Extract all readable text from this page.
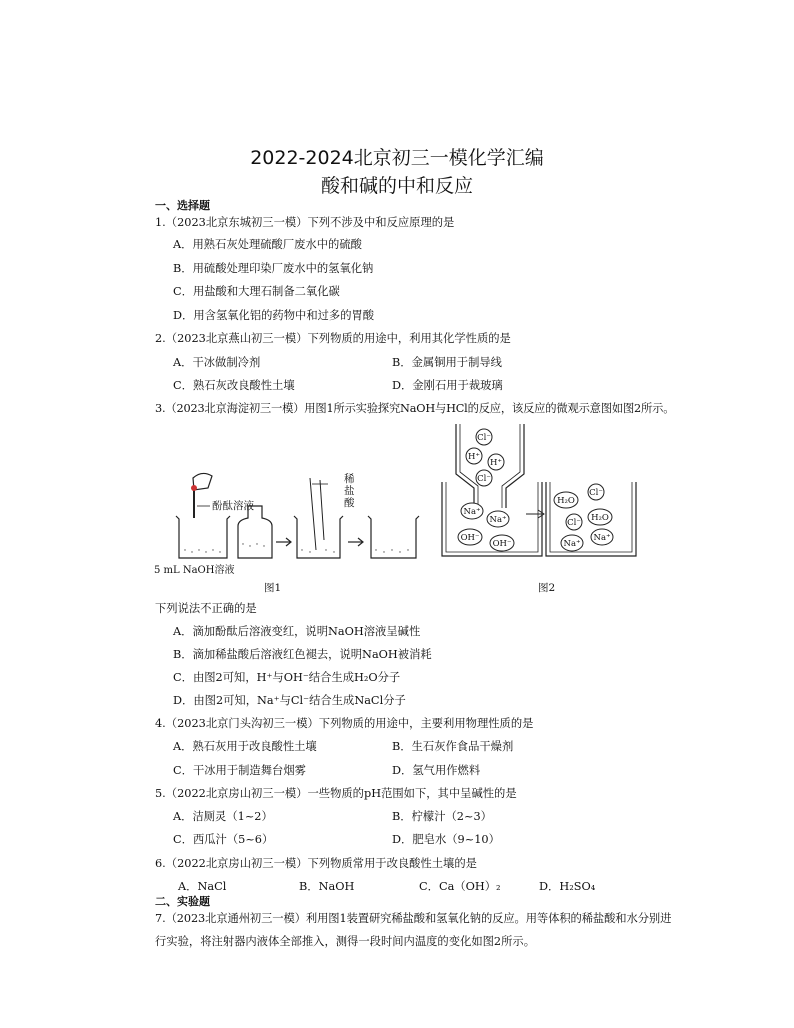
2022-2024北京初三一模化学汇编
酸和碱的中和反应
一、选择题
1.（2023北京东城初三一模）下列不涉及中和反应原理的是
A．用熟石灰处理硫酸厂废水中的硫酸
B．用硫酸处理印染厂废水中的氢氧化钠
C．用盐酸和大理石制备二氧化碳
D．用含氢氧化铝的药物中和过多的胃酸
2.（2023北京燕山初三一模）下列物质的用途中，利用其化学性质的是
A．干冰做制冷剂	B．金属铜用于制导线
C．熟石灰改良酸性土壤	D．金刚石用于裁玻璃
3.（2023北京海淀初三一模）用图1所示实验探究NaOH与HCl的反应，该反应的微观示意图如图2所示。
· 酚酞溶液
稀
盐
酸
5 mL NaOH溶液
图1
Cl⁻
H⁺
H⁺
Cl⁻
Na⁺
Na⁺
OH⁻
OH⁻
H₂O
Cl⁻
Cl⁻ H₂O
Na⁺
Na⁺
图2
下列说法不正确的是
A．滴加酚酞后溶液变红，说明NaOH溶液呈碱性
B．滴加稀盐酸后溶液红色褪去，说明NaOH被消耗
C．由图2可知，H⁺与OH⁻结合生成H₂O分子
D．由图2可知，Na⁺与Cl⁻结合生成NaCl分子
4.（2023北京门头沟初三一模）下列物质的用途中，主要利用物理性质的是
A．熟石灰用于改良酸性土壤	B．生石灰作食品干燥剂
C．干冰用于制造舞台烟雾	D．氢气用作燃料
5.（2022北京房山初三一模）一些物质的pH范围如下，其中呈碱性的是
A．洁厕灵（1~2）	B．柠檬汁（2~3）
C．西瓜汁（5~6）	D．肥皂水（9~10）
6.（2022北京房山初三一模）下列物质常用于改良酸性土壤的是
A．NaCl	B．NaOH	C．Ca（OH）₂	D．H₂SO₄
二、实验题
7.（2023北京通州初三一模）利用图1装置研究稀盐酸和氢氧化钠的反应。用等体积的稀盐酸和水分别进
行实验，将注射器内液体全部推入，测得一段时间内温度的变化如图2所示。
